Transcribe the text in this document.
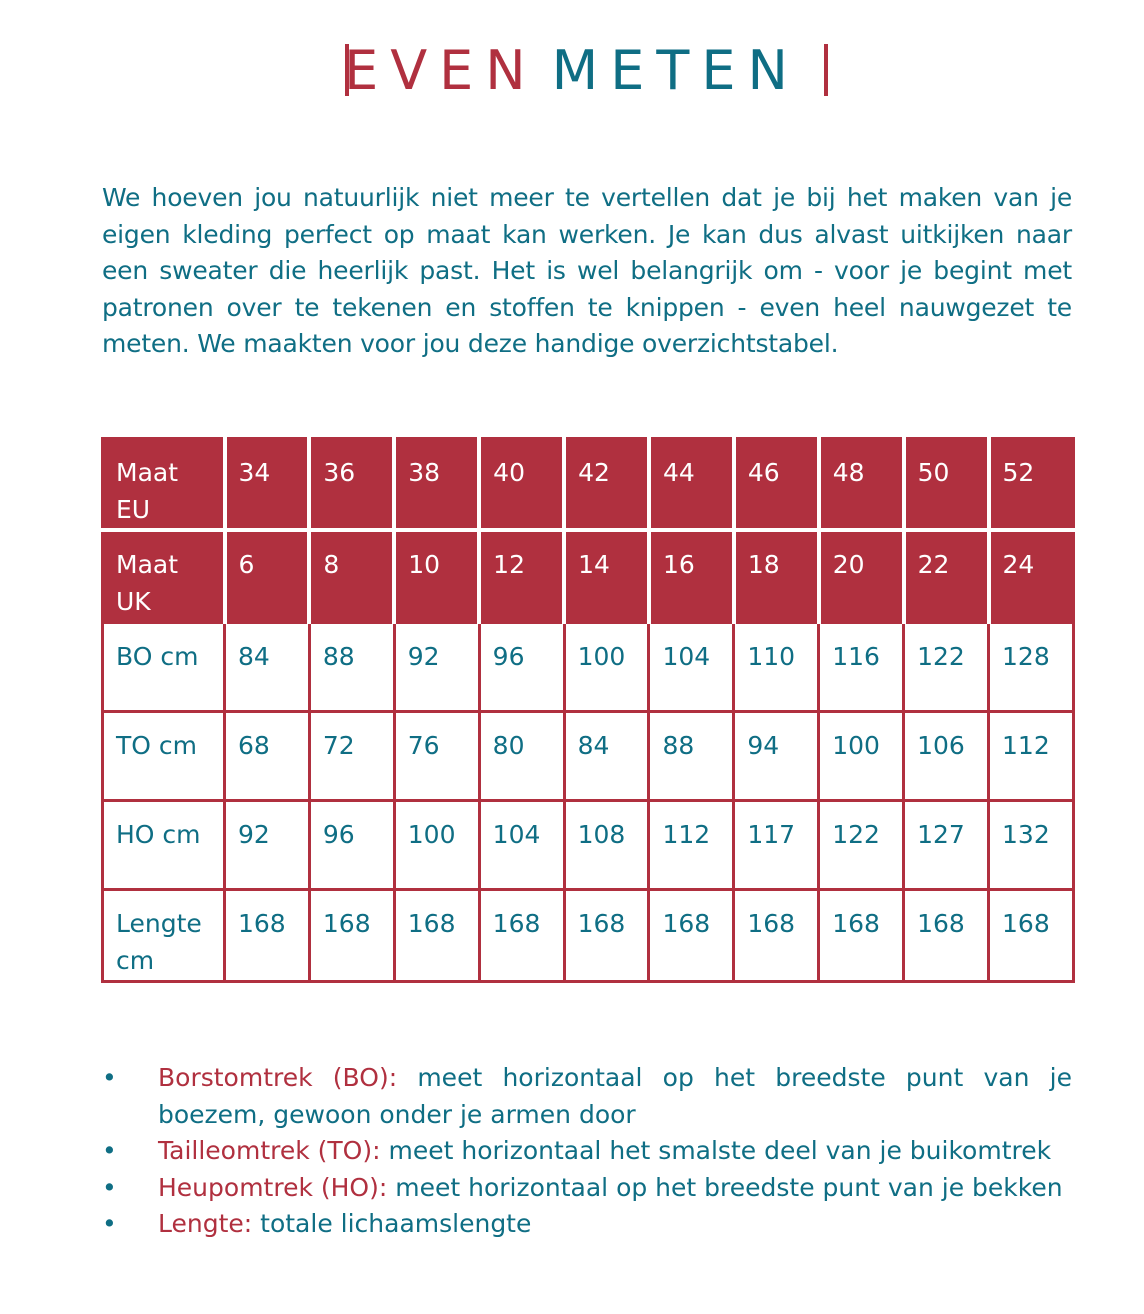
EVEN METEN

We hoeven jou natuurlijk niet meer te vertellen dat je bij het maken van je eigen kleding perfect op maat kan werken. Je kan dus alvast uitkijken naar een sweater die heerlijk past. Het is wel belangrijk om - voor je begint met patronen over te tekenen en stoffen te knippen - even heel nauwgezet te meten. We maakten voor jou deze handige overzichtstabel.

Maat EU	34	36	38	40	42	44	46	48	50	52
Maat UK	6	8	10	12	14	16	18	20	22	24
BO cm	84	88	92	96	100	104	110	116	122	128
TO cm	68	72	76	80	84	88	94	100	106	112
HO cm	92	96	100	104	108	112	117	122	127	132
Lengte cm	168	168	168	168	168	168	168	168	168	168
• Borstomtrek (BO): meet horizontaal op het breedste punt van je boezem, gewoon onder je armen door
• Tailleomtrek (TO): meet horizontaal het smalste deel van je buikomtrek
• Heupomtrek (HO): meet horizontaal op het breedste punt van je bekken
• Lengte: totale lichaamslengte
